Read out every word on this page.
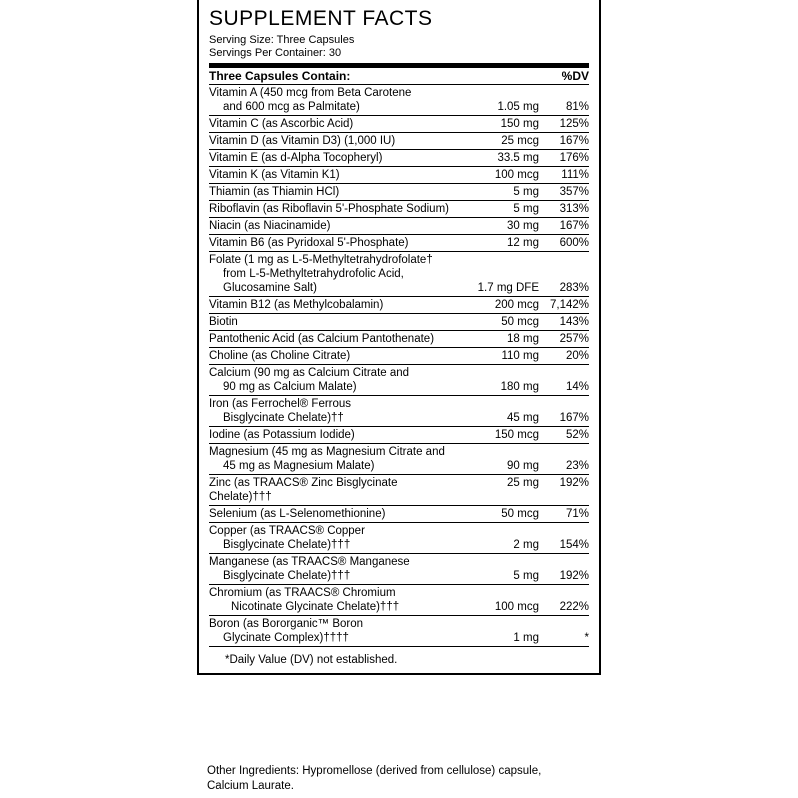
SUPPLEMENT FACTS
Serving Size: Three Capsules
Servings Per Container: 30
Three Capsules Contain:		%DV
Vitamin A (450 mcg from Beta Carotene
and 600 mcg as Palmitate)	1.05 mg	81%
Vitamin C (as Ascorbic Acid)	150 mg	125%
Vitamin D (as Vitamin D3) (1,000 IU)	25 mcg	167%
Vitamin E (as d-Alpha Tocopheryl)	33.5 mg	176%
Vitamin K (as Vitamin K1)	100 mcg	111%
Thiamin (as Thiamin HCl)	5 mg	357%
Riboflavin (as Riboflavin 5'-Phosphate Sodium)	5 mg	313%
Niacin (as Niacinamide)	30 mg	167%
Vitamin B6 (as Pyridoxal 5'-Phosphate)	12 mg	600%
Folate (1 mg as L-5-Methyltetrahydrofolate†
from L-5-Methyltetrahydrofolic Acid,
Glucosamine Salt)	1.7 mg DFE	283%
Vitamin B12 (as Methylcobalamin)	200 mcg	7,142%
Biotin	50 mcg	143%
Pantothenic Acid (as Calcium Pantothenate)	18 mg	257%
Choline (as Choline Citrate)	110 mg	20%
Calcium (90 mg as Calcium Citrate and
90 mg as Calcium Malate)	180 mg	14%
Iron (as Ferrochel® Ferrous
Bisglycinate Chelate)††	45 mg	167%
Iodine (as Potassium Iodide)	150 mcg	52%
Magnesium (45 mg as Magnesium Citrate and
45 mg as Magnesium Malate)	90 mg	23%
Zinc (as TRAACS® Zinc Bisglycinate Chelate)†††	25 mg	192%
Selenium (as L-Selenomethionine)	50 mcg	71%
Copper (as TRAACS® Copper
Bisglycinate Chelate)†††	2 mg	154%
Manganese (as TRAACS® Manganese
Bisglycinate Chelate)†††	5 mg	192%
Chromium (as TRAACS® Chromium
Nicotinate Glycinate Chelate)†††	100 mcg	222%
Boron (as Bororganic™ Boron
Glycinate Complex)††††	1 mg	*
*Daily Value (DV) not established.
Other Ingredients: Hypromellose (derived from cellulose) capsule,
Calcium Laurate.
